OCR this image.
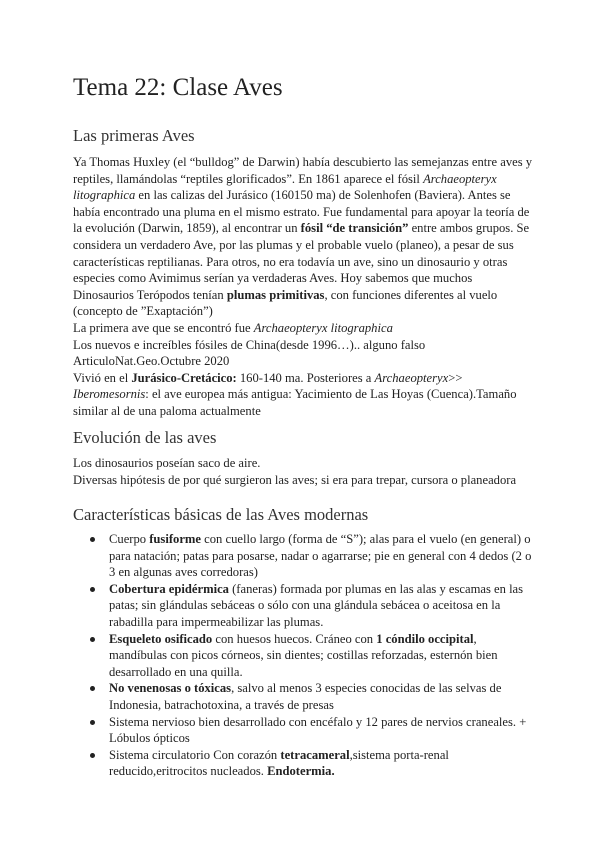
Tema 22: Clase Aves
Las primeras Aves

Ya Thomas Huxley (el “bulldog” de Darwin) había descubierto las semejanzas entre aves y reptiles, llamándolas “reptiles glorificados”. En 1861 aparece el fósil Archaeopteryx litographica en las calizas del Jurásico (160150 ma) de Solenhofen (Baviera). Antes se había encontrado una pluma en el mismo estrato. Fue fundamental para apoyar la teoría de la evolución (Darwin, 1859), al encontrar un fósil “de transición” entre ambos grupos. Se considera un verdadero Ave, por las plumas y el probable vuelo (planeo), a pesar de sus características reptilianas. Para otros, no era todavía un ave, sino un dinosaurio y otras especies como Avimimus serían ya verdaderas Aves. Hoy sabemos que muchos Dinosaurios Terópodos tenían plumas primitivas, con funciones diferentes al vuelo (concepto de ”Exaptación”)

La primera ave que se encontró fue Archaeopteryx litographica

Los nuevos e increíbles fósiles de China(desde 1996…).. alguno falso

ArticuloNat.Geo.Octubre 2020

Vivió en el Jurásico-Cretácico: 160-140 ma. Posteriores a Archaeopteryx>> Iberomesornis: el ave europea más antigua: Yacimiento de Las Hoyas (Cuenca).Tamaño similar al de una paloma actualmente

Evolución de las aves

Los dinosaurios poseían saco de aire.

Diversas hipótesis de por qué surgieron las aves; si era para trepar, cursora o planeadora

Características básicas de las Aves modernas
Cuerpo fusiforme con cuello largo (forma de “S”); alas para el vuelo (en general) o para natación; patas para posarse, nadar o agarrarse; pie en general con 4 dedos (2 o 3 en algunas aves corredoras)
Cobertura epidérmica (faneras) formada por plumas en las alas y escamas en las patas; sin glándulas sebáceas o sólo con una glándula sebácea o aceitosa en la rabadilla para impermeabilizar las plumas.
Esqueleto osificado con huesos huecos. Cráneo con 1 cóndilo occipital, mandíbulas con picos córneos, sin dientes; costillas reforzadas, esternón bien desarrollado en una quilla.
No venenosas o tóxicas, salvo al menos 3 especies conocidas de las selvas de Indonesia, batrachotoxina, a través de presas
Sistema nervioso bien desarrollado con encéfalo y 12 pares de nervios craneales. + Lóbulos ópticos
Sistema circulatorio Con corazón tetracameral,sistema porta-renal reducido,eritrocitos nucleados. Endotermia.
